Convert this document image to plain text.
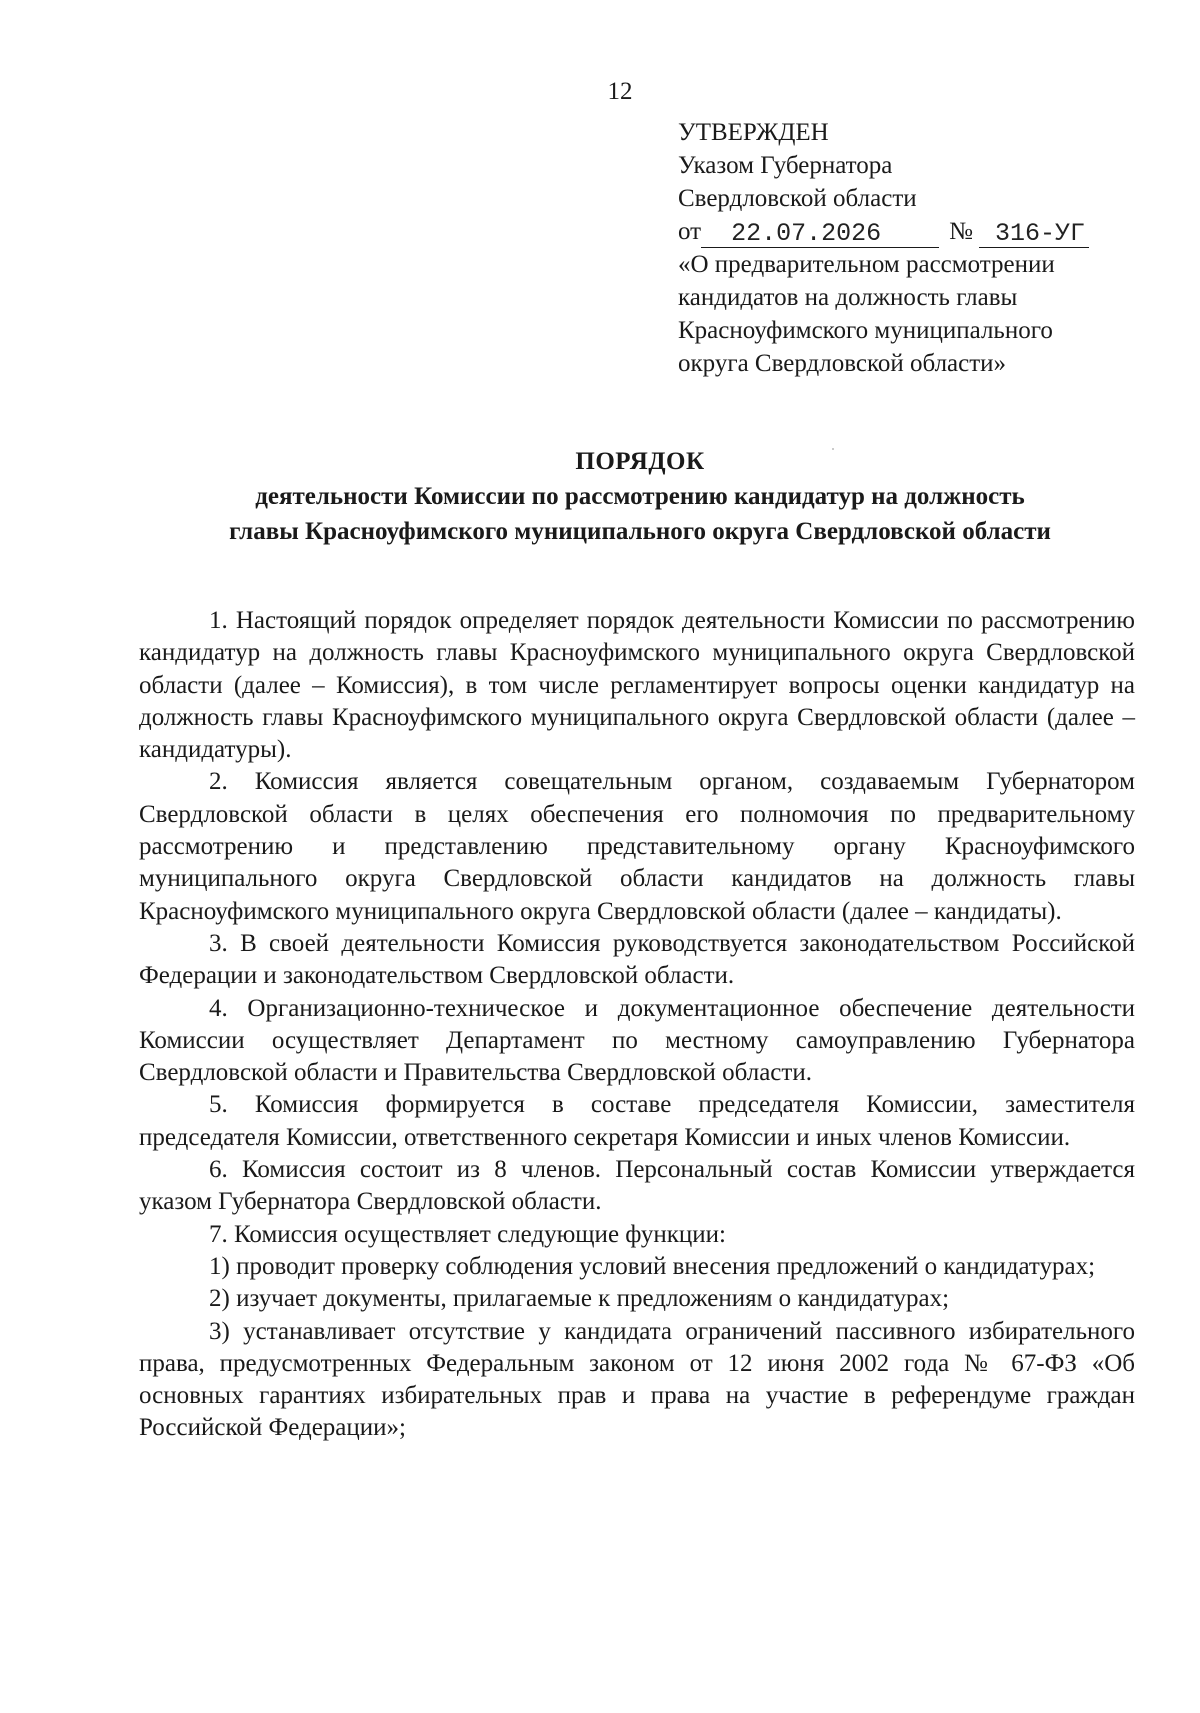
12
УТВЕРЖДЕН
Указом Губернатора
Свердловской области
от	22.07.2026	№ 316-УГ
«О предварительном рассмотрении
кандидатов на должность главы
Красноуфимского муниципального
округа Свердловской области»
ПОРЯДОК
деятельности Комиссии по рассмотрению кандидатур на должность
главы Красноуфимского муниципального округа Свердловской области

1. Настоящий порядок определяет порядок деятельности Комиссии по рассмотрению кандидатур на должность главы Красноуфимского муниципального округа Свердловской области (далее – Комиссия), в том числе регламентирует вопросы оценки кандидатур на должность главы Красноуфимского муниципального округа Свердловской области (далее – кандидатуры).

2. Комиссия является совещательным органом, создаваемым Губернатором Свердловской области в целях обеспечения его полномочия по предварительному рассмотрению и представлению представительному органу Красноуфимского муниципального округа Свердловской области кандидатов на должность главы Красноуфимского муниципального округа Свердловской области (далее – кандидаты).

3. В своей деятельности Комиссия руководствуется законодательством Российской Федерации и законодательством Свердловской области.

4. Организационно-техническое и документационное обеспечение деятельности Комиссии осуществляет Департамент по местному самоуправлению Губернатора Свердловской области и Правительства Свердловской области.

5. Комиссия формируется в составе председателя Комиссии, заместителя председателя Комиссии, ответственного секретаря Комиссии и иных членов Комиссии.

6. Комиссия состоит из 8 членов. Персональный состав Комиссии утверждается указом Губернатора Свердловской области.

7. Комиссия осуществляет следующие функции:

1) проводит проверку соблюдения условий внесения предложений о кандидатурах;

2) изучает документы, прилагаемые к предложениям о кандидатурах;

3) устанавливает отсутствие у кандидата ограничений пассивного избирательного права, предусмотренных Федеральным законом от 12 июня 2002 года № 67-ФЗ «Об основных гарантиях избирательных прав и права на участие в референдуме граждан Российской Федерации»;
